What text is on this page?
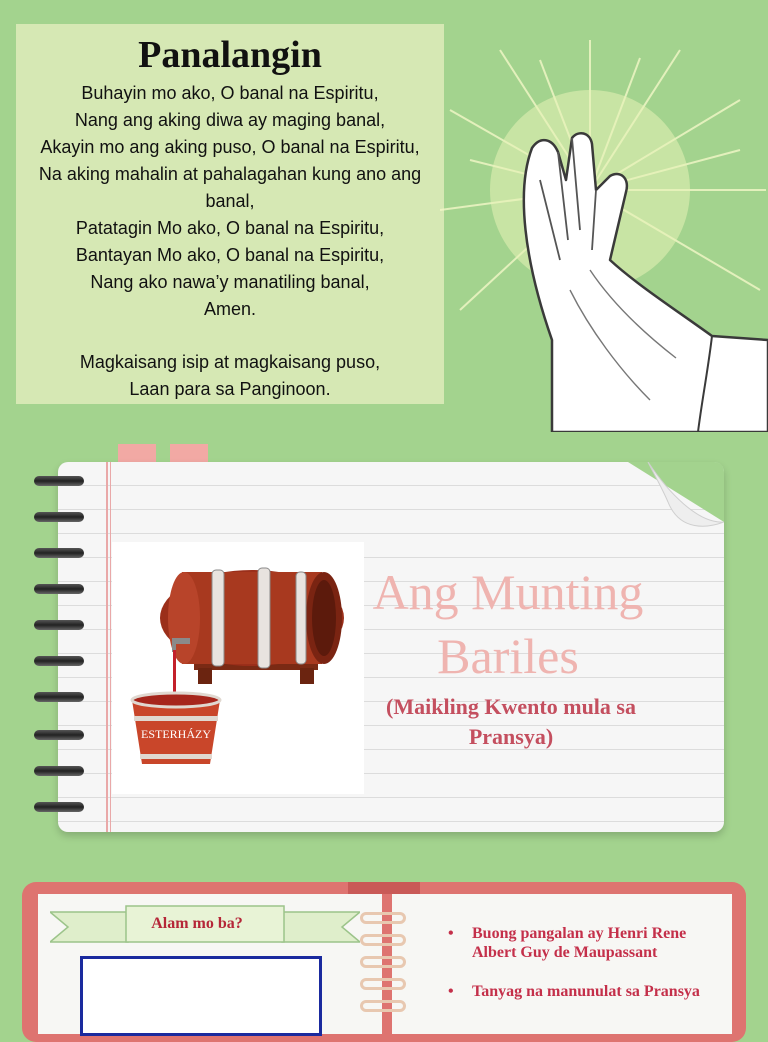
Panalangin
Buhayin mo ako, O banal na Espiritu,
Nang ang aking diwa ay maging banal,
Akayin mo ang aking puso, O banal na Espiritu,
Na aking mahalin at pahalagahan kung ano ang banal,
Patatagin Mo ako, O banal na Espiritu,
Bantayan Mo ako, O banal na Espiritu,
Nang ako nawa’y manatiling banal,
Amen.
Magkaisang isip at magkaisang puso,
Laan para sa Panginoon.
ESTERHÁZY
Ang Munting Bariles
(Maikling Kwento mula sa Pransya)
Alam mo ba?
• Buong pangalan ay Henri Rene Albert Guy de Maupassant
• Tanyag na manunulat sa Pransya
